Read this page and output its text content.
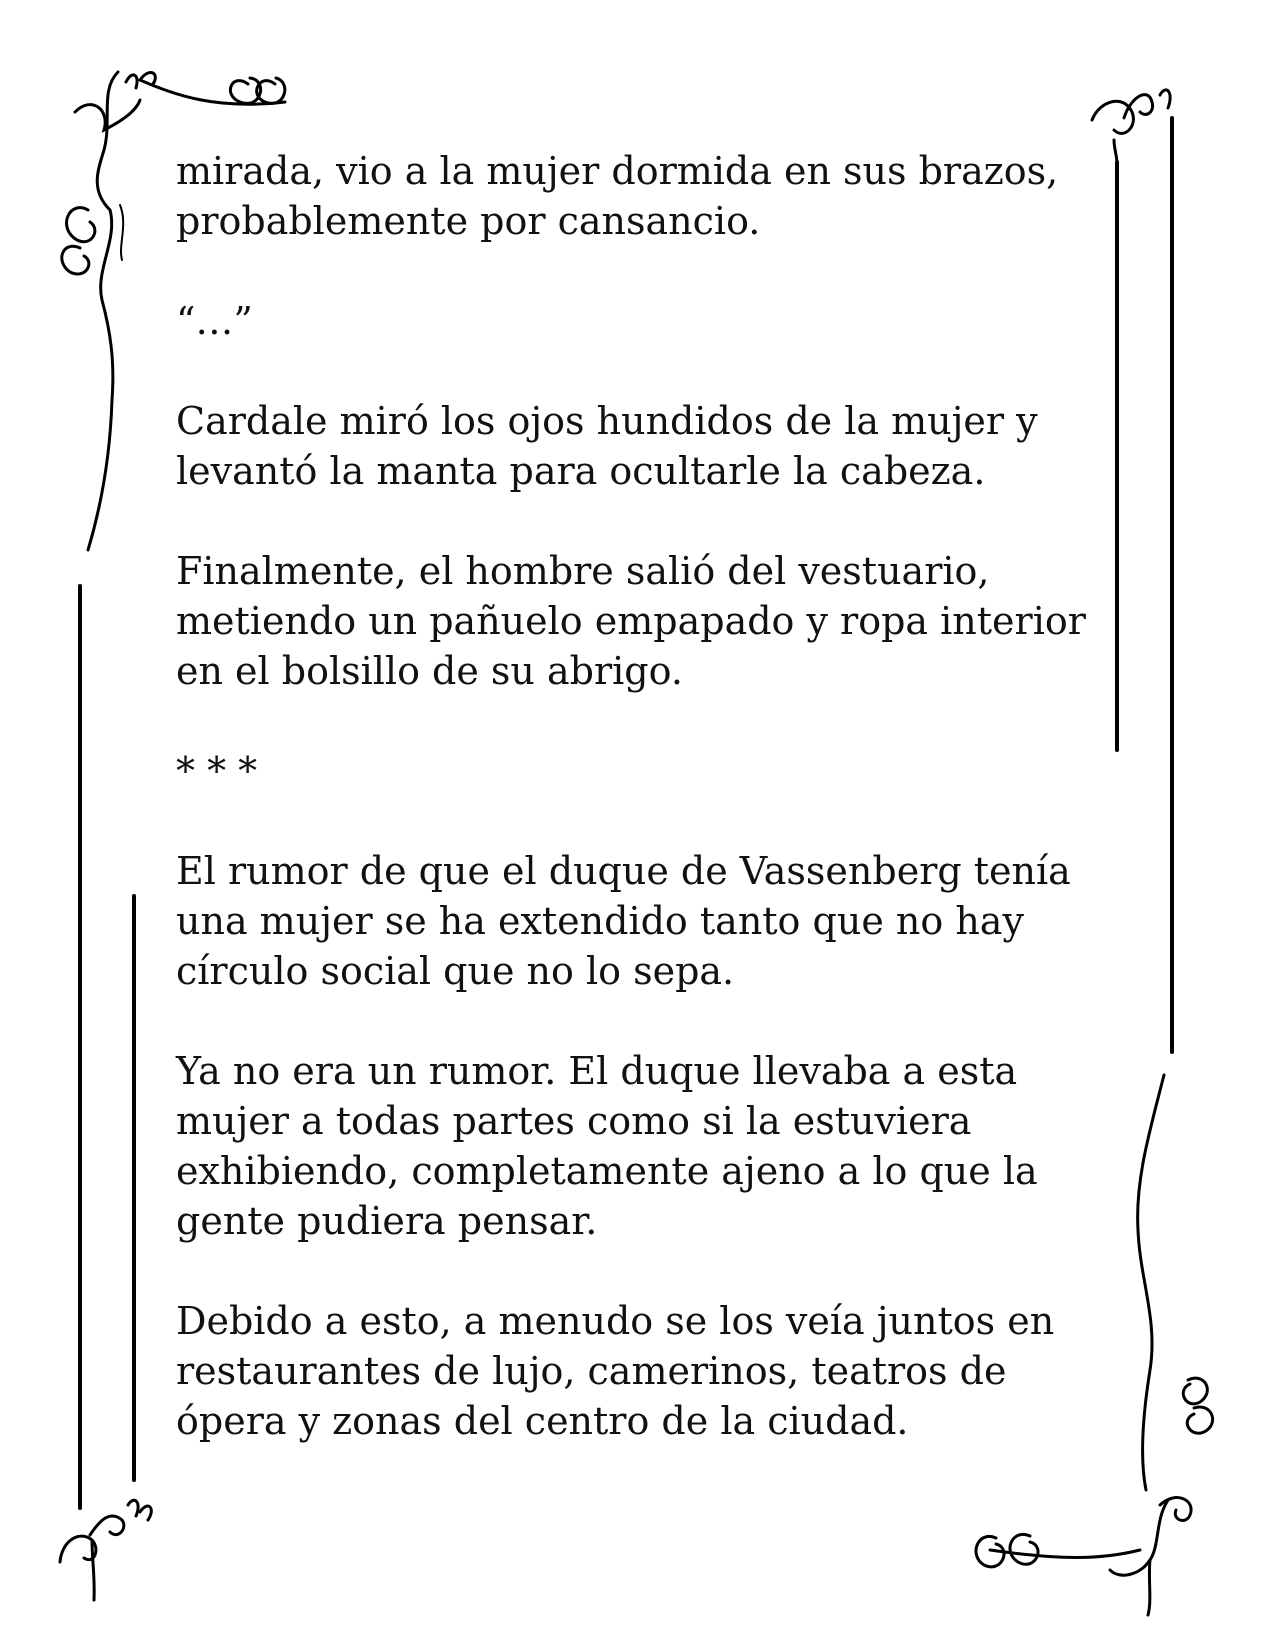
mirada, vio a la mujer dormida en sus brazos,
probablemente por cansancio.

“…”

Cardale miró los ojos hundidos de la mujer y
levantó la manta para ocultarle la cabeza.

Finalmente, el hombre salió del vestuario,
metiendo un pañuelo empapado y ropa interior
en el bolsillo de su abrigo.

* * *

El rumor de que el duque de Vassenberg tenía
una mujer se ha extendido tanto que no hay
círculo social que no lo sepa.

Ya no era un rumor. El duque llevaba a esta
mujer a todas partes como si la estuviera
exhibiendo, completamente ajeno a lo que la
gente pudiera pensar.

Debido a esto, a menudo se los veía juntos en
restaurantes de lujo, camerinos, teatros de
ópera y zonas del centro de la ciudad.
